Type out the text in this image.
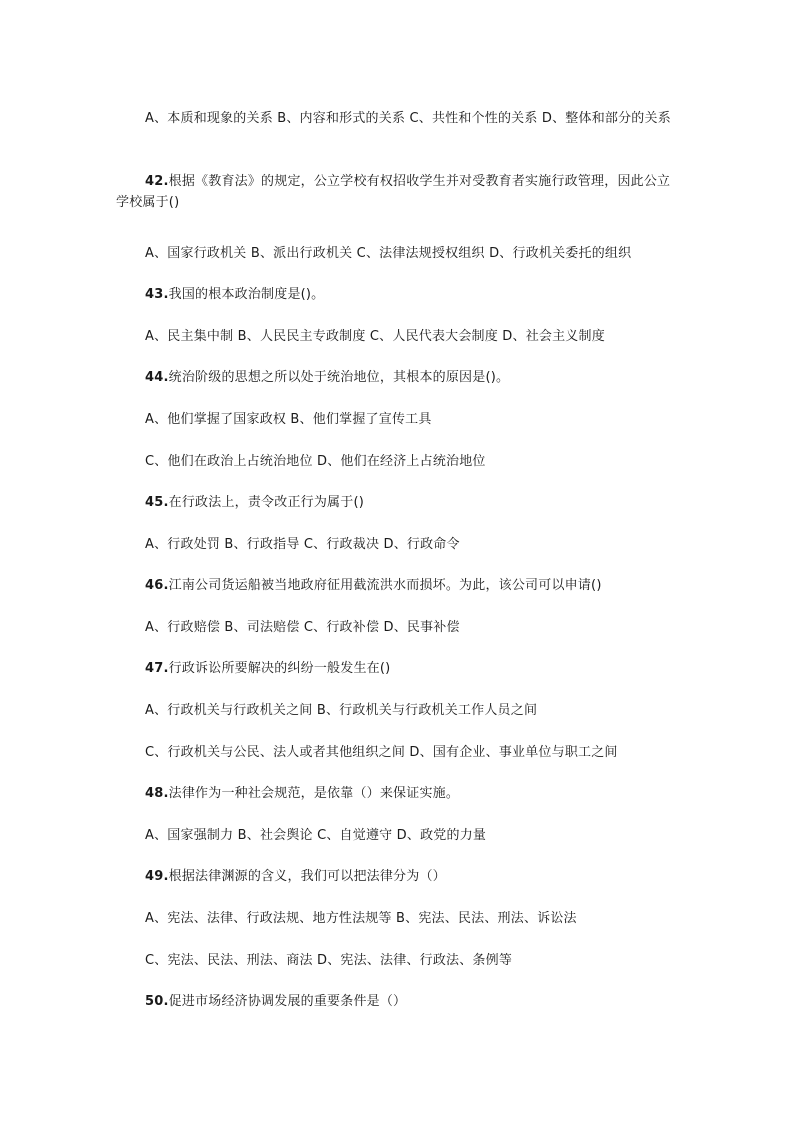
A、本质和现象的关系 B、内容和形式的关系 C、共性和个性的关系 D、整体和部分的关系

42.根据《教育法》的规定，公立学校有权招收学生并对受教育者实施行政管理，因此公立学校属于()

A、国家行政机关 B、派出行政机关 C、法律法规授权组织 D、行政机关委托的组织

43.我国的根本政治制度是()。

A、民主集中制 B、人民民主专政制度 C、人民代表大会制度 D、社会主义制度

44.统治阶级的思想之所以处于统治地位，其根本的原因是()。

A、他们掌握了国家政权 B、他们掌握了宣传工具

C、他们在政治上占统治地位 D、他们在经济上占统治地位

45.在行政法上，责令改正行为属于()

A、行政处罚 B、行政指导 C、行政裁决 D、行政命令

46.江南公司货运船被当地政府征用截流洪水而损坏。为此，该公司可以申请()

A、行政赔偿 B、司法赔偿 C、行政补偿 D、民事补偿

47.行政诉讼所要解决的纠纷一般发生在()

A、行政机关与行政机关之间 B、行政机关与行政机关工作人员之间

C、行政机关与公民、法人或者其他组织之间 D、国有企业、事业单位与职工之间

48.法律作为一种社会规范，是依靠（）来保证实施。

A、国家强制力 B、社会舆论 C、自觉遵守 D、政党的力量

49.根据法律渊源的含义，我们可以把法律分为（）

A、宪法、法律、行政法规、地方性法规等 B、宪法、民法、刑法、诉讼法

C、宪法、民法、刑法、商法 D、宪法、法律、行政法、条例等

50.促进市场经济协调发展的重要条件是（）
